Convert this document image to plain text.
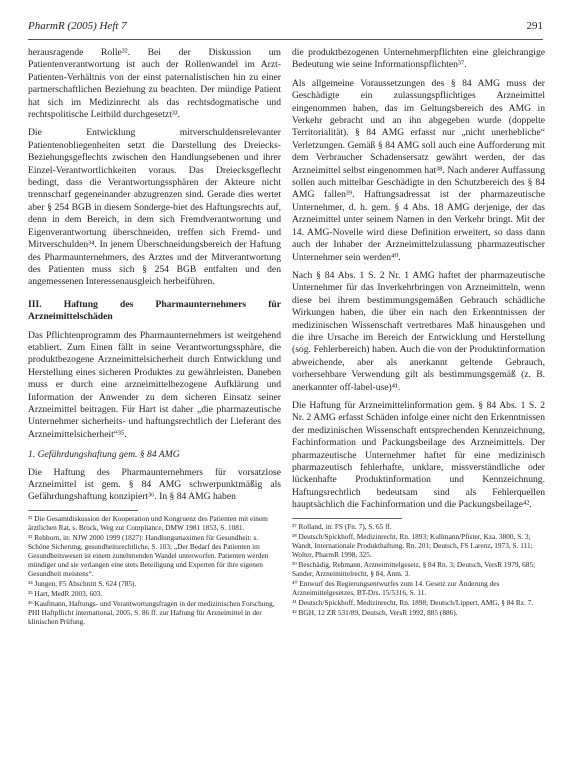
PharmR (2005) Heft 7	291

herausragende Rolle³². Bei der Diskussion um Patientenverantwortung ist auch der Rollenwandel im Arzt-Patienten-Verhältnis von der einst paternalistischen hin zu einer partnerschaftlichen Beziehung zu beachten. Der mündige Patient hat sich im Medizinrecht als das rechtsdogmatische und rechtspolitische Leitbild durchgesetzt³³.

Die Entwicklung mitverschuldensrelevanter Patientenobliegenheiten setzt die Darstellung des Dreiecks-Beziehungsgeflechts zwischen den Handlungsebenen und ihrer Einzel-Verantwortlichkeiten voraus. Das Dreiecksgeflecht bedingt, dass die Verantwortungssphären der Akteure nicht trennscharf gegeneinander abzugrenzen sind. Gerade dies wertet aber § 254 BGB in diesem Sonderge-biet des Haftungsrechts auf, denn in dem Bereich, in dem sich Fremdverantwortung und Eigenverantwortung überschneiden, treffen sich Fremd- und Mitverschulden³⁴. In jenem Überschneidungsbereich der Haftung des Pharmaunternehmers, des Arztes und der Mitverantwortung des Patienten muss sich § 254 BGB entfalten und den angemessenen Interessenausgleich herbeiführen.

III. Haftung des Pharmaunternehmers für Arzneimittelschäden

Das Pflichtenprogramm des Pharmaunternehmers ist weitgehend etabliert. Zum Einen fällt in seine Verantwortungssphäre, die produktbezogene Arzneimittelsicherheit durch Entwicklung und Herstellung eines sicheren Produktes zu gewährleisten. Daneben muss er durch eine arzneimittelbezogene Aufklärung und Information der Anwender zu dem sicheren Einsatz seiner Arzneimittel beitragen. Für Hart ist daher „die pharmazeutische Unternehmer sicherheits- und haftungsrechtlich der Lieferant des Arzneimittelsicherheit“³⁵.

1. Gefährdungshaftung gem. § 84 AMG

Die Haftung des Pharmaunternehmers für vorsatzlose Arzneimittel ist gem. § 84 AMG schwerpunktmäßig als Gefährdungshaftung konzipiert³⁶. In § 84 AMG haben

³² Die Gesamtdiskussion der Kooperation und Kongruenz des Patienten mit einem ärztlichen Rat, s. Brock, Weg zur Compliance, DMW 1981 1853, S. 1081.
³³ Rehborn, in: NJW 2000 1999 (1827): Handlungsmaximen für Gesundheit: s. Schöne Sicherung, gesundheitsrechtliche, S. 103; „Der Bedarf des Patienten im Gesundheitswesen ist einem zunehmenden Wandel unterworfen. Patienten werden mündiger und sie verlangen eine stets Beteiligung und Experten für ihre eigenen Gesundheit meistens“.
³⁴ Jungen, F5 Abschnitt S. 624 (785).
³⁵ Hart, MedR 2003, 603.
³⁶ Kaufmann, Haftungs- und Verantwortungsfragen in der medizinischen Forschung, PHI Haftpflicht international, 2005, S. 86 ff. zur Haftung für Arzneimittel in der klinischen Prüfung.

die produktbezogenen Unternehmerpflichten eine gleichrangige Bedeutung wie seine Informationspflichten³⁷.

Als allgemeine Voraussetzungen des § 84 AMG muss der Geschädigte ein zulassungspflichtiges Arzneimittel eingenommen haben, das im Geltungsbereich des AMG in Verkehr gebracht und an ihn abgegeben wurde (doppelte Territorialität). § 84 AMG erfasst nur „nicht unerhebliche“ Verletzungen. Gemäß § 84 AMG soll auch eine Aufforderung mit dem Verbraucher Schadensersatz gewährt werden, der das Arzneimittel selbst eingenommen hat³⁸. Nach anderer Auffassung sollen auch mittelbar Geschädigte in den Schutzbereich des § 84 AMG fallen³⁹. Haftungsadressat ist der pharmazeutische Unternehmer, d. h. gem. § 4 Abs. 18 AMG derjenige, der das Arzneimittel unter seinem Namen in den Verkehr bringt. Mit der 14. AMG-Novelle wird diese Definition erweitert, so dass dann auch der Inhaber der Arzneimittelzulassung pharmazeutischer Unternehmer sein werden⁴⁰.

Nach § 84 Abs. 1 S. 2 Nr. 1 AMG haftet der pharmazeutische Unternehmer für das Inverkehrbringen von Arzneimitteln, wenn diese bei ihrem bestimmungsgemäßen Gebrauch schädliche Wirkungen haben, die über ein nach den Erkenntnissen der medizinischen Wissenschaft vertretbares Maß hinausgehen und die ihre Ursache im Bereich der Entwicklung und Herstellung (sog. Fehlerbereich) haben. Auch die von der Produktinformation abweichende, aber als anerkannt geltende Gebrauch, vorhersehbare Verwendung gilt als bestimmungsgemäß (z. B. anerkannter off-label-use)⁴¹.

Die Haftung für Arzneimittelinformation gem. § 84 Abs. 1 S. 2 Nr. 2 AMG erfasst Schäden infolge einer nicht den Erkenntnissen der medizinischen Wissenschaft entsprechenden Kennzeichnung, Fachinformation und Packungsbeilage des Arzneimittels. Der pharmazeutische Unternehmer haftet für eine medizinisch pharmazeutisch fehlerhafte, unklare, missverständliche oder lückenhafte Produktinformation und Kennzeichnung. Haftungsrechtlich bedeutsam sind als Fehlerquellen hauptsächlich die Fachinformation und die Packungsbeilage⁴².

³⁷ Rolland, in: FS (Fn. 7), S. 65 ff.
³⁸ Deutsch/Spickhoff, Medizinrecht, Rn. 1893; Kullmann/Pfister, Kza. 3800, S. 3; Wandt, Internationale Produkthaftung, Rn. 201; Deutsch, FS Larenz, 1973, S. 111; Wolter, PharmR 1998, 325.
³⁹ Beschädig, Rehmann, Arzneimittelgesetz, § 84 Rn. 3; Deutsch, VersR 1979, 685; Sander, Arzneimittelrecht, § 84, Anm. 3.
⁴⁰ Entwurf des Regierungsentwurfes zum 14. Gesetz zur Änderung des Arzneimittelgesetzes, BT-Drs. 15/5316, S. 11.
⁴¹ Deutsch/Spickhoff, Medizinrecht, Rn. 1898; Deutsch/Lippert, AMG, § 84 Rz. 7.
⁴² BGH, 12 ZR 531/89, Deutsch, VersR 1992, 885 (886).
